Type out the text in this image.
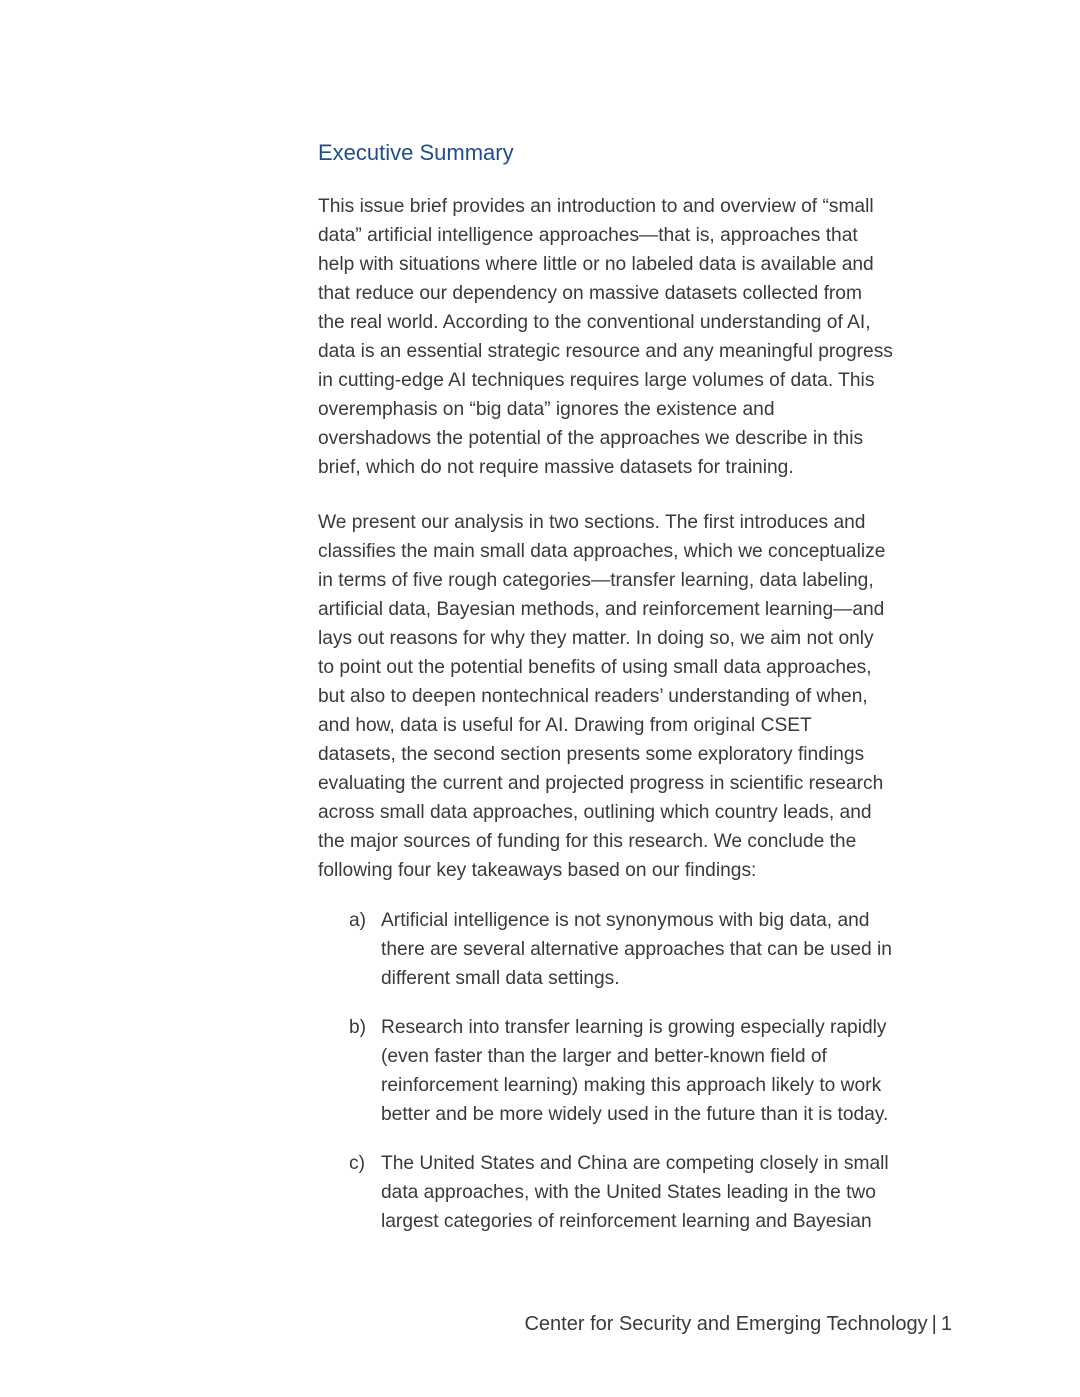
Executive Summary

This issue brief provides an introduction to and overview of “small
data” artificial intelligence approaches—that is, approaches that
help with situations where little or no labeled data is available and
that reduce our dependency on massive datasets collected from
the real world. According to the conventional understanding of AI,
data is an essential strategic resource and any meaningful progress
in cutting-edge AI techniques requires large volumes of data. This
overemphasis on “big data” ignores the existence and
overshadows the potential of the approaches we describe in this
brief, which do not require massive datasets for training.

We present our analysis in two sections. The first introduces and
classifies the main small data approaches, which we conceptualize
in terms of five rough categories—transfer learning, data labeling,
artificial data, Bayesian methods, and reinforcement learning—and
lays out reasons for why they matter. In doing so, we aim not only
to point out the potential benefits of using small data approaches,
but also to deepen nontechnical readers’ understanding of when,
and how, data is useful for AI. Drawing from original CSET
datasets, the second section presents some exploratory findings
evaluating the current and projected progress in scientific research
across small data approaches, outlining which country leads, and
the major sources of funding for this research. We conclude the
following four key takeaways based on our findings:

a) Artificial intelligence is not synonymous with big data, and
there are several alternative approaches that can be used in
different small data settings.
b) Research into transfer learning is growing especially rapidly
(even faster than the larger and better-known field of
reinforcement learning) making this approach likely to work
better and be more widely used in the future than it is today.
c) The United States and China are competing closely in small
data approaches, with the United States leading in the two
largest categories of reinforcement learning and Bayesian
Center for Security and Emerging Technology | 1
